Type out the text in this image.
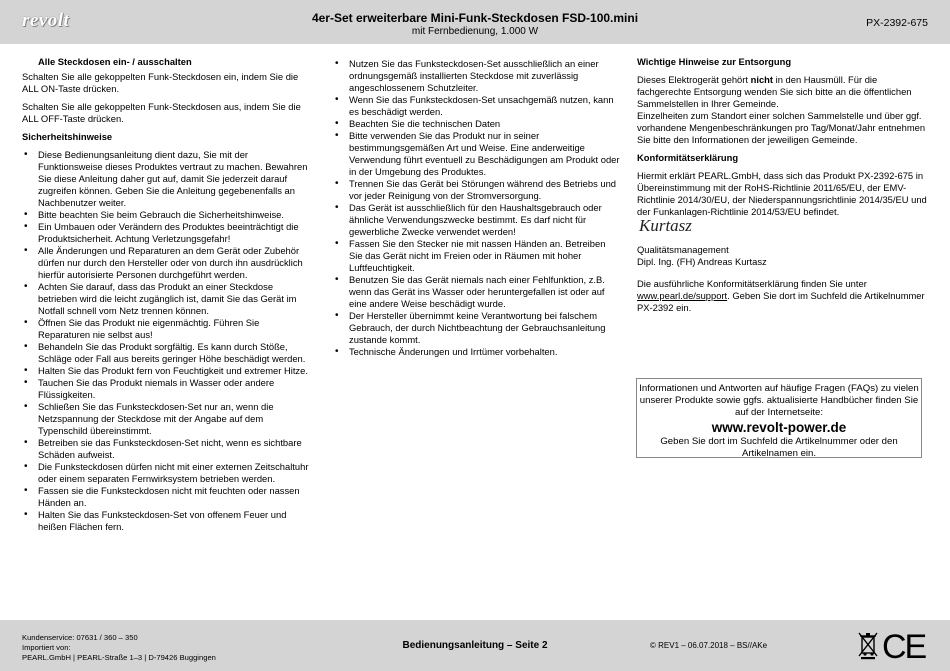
revolt	4er-Set erweiterbare Mini-Funk-Steckdosen FSD-100.mini
mit Fernbedienung, 1.000 W
PX-2392-675
Alle Steckdosen ein- / ausschalten
Schalten Sie alle gekoppelten Funk-Steckdosen ein, indem Sie die ALL ON-Taste drücken.
Schalten Sie alle gekoppelten Funk-Steckdosen aus, indem Sie die ALL OFF-Taste drücken.
Sicherheitshinweise
• Diese Bedienungsanleitung dient dazu, Sie mit der Funktionsweise dieses Produktes vertraut zu machen. Bewahren Sie diese Anleitung daher gut auf, damit Sie jederzeit darauf zugreifen können. Geben Sie die Anleitung gegebenenfalls an Nachbenutzer weiter.
• Bitte beachten Sie beim Gebrauch die Sicherheitshinweise.
• Ein Umbauen oder Verändern des Produktes beeinträchtigt die Produktsicherheit. Achtung Verletzungsgefahr!
• Alle Änderungen und Reparaturen an dem Gerät oder Zubehör dürfen nur durch den Hersteller oder von durch ihn ausdrücklich hierfür autorisierte Personen durchgeführt werden.
• Achten Sie darauf, dass das Produkt an einer Steckdose betrieben wird die leicht zugänglich ist, damit Sie das Gerät im Notfall schnell vom Netz trennen können.
• Öffnen Sie das Produkt nie eigenmächtig. Führen Sie Reparaturen nie selbst aus!
• Behandeln Sie das Produkt sorgfältig. Es kann durch Stöße, Schläge oder Fall aus bereits geringer Höhe beschädigt werden.
• Halten Sie das Produkt fern von Feuchtigkeit und extremer Hitze.
• Tauchen Sie das Produkt niemals in Wasser oder andere Flüssigkeiten.
• Schließen Sie das Funksteckdosen-Set nur an, wenn die Netzspannung der Steckdose mit der Angabe auf dem Typenschild übereinstimmt.
• Betreiben sie das Funksteckdosen-Set nicht, wenn es sichtbare Schäden aufweist.
• Die Funksteckdosen dürfen nicht mit einer externen Zeitschaltuhr oder einem separaten Fernwirksystem betrieben werden.
• Fassen sie die Funksteckdosen nicht mit feuchten oder nassen Händen an.
• Halten Sie das Funksteckdosen-Set von offenem Feuer und heißen Flächen fern.
• Nutzen Sie das Funksteckdosen-Set ausschließlich an einer ordnungsgemäß installierten Steckdose mit zuverlässig angeschlossenem Schutzleiter.
• Wenn Sie das Funksteckdosen-Set unsachgemäß nutzen, kann es beschädigt werden.
• Beachten Sie die technischen Daten
• Bitte verwenden Sie das Produkt nur in seiner bestimmungsgemäßen Art und Weise. Eine anderweitige Verwendung führt eventuell zu Beschädigungen am Produkt oder in der Umgebung des Produktes.
• Trennen Sie das Gerät bei Störungen während des Betriebs und vor jeder Reinigung von der Stromversorgung.
• Das Gerät ist ausschließlich für den Haushaltsgebrauch oder ähnliche Verwendungszwecke bestimmt. Es darf nicht für gewerbliche Zwecke verwendet werden!
• Fassen Sie den Stecker nie mit nassen Händen an. Betreiben Sie das Gerät nicht im Freien oder in Räumen mit hoher Luftfeuchtigkeit.
• Benutzen Sie das Gerät niemals nach einer Fehlfunktion, z.B. wenn das Gerät ins Wasser oder heruntergefallen ist oder auf eine andere Weise beschädigt wurde.
• Der Hersteller übernimmt keine Verantwortung bei falschem Gebrauch, der durch Nichtbeachtung der Gebrauchsanleitung zustande kommt.
• Technische Änderungen und Irrtümer vorbehalten.
Wichtige Hinweise zur Entsorgung
Dieses Elektrogerät gehört nicht in den Hausmüll. Für die fachgerechte Entsorgung wenden Sie sich bitte an die öffentlichen Sammelstellen in Ihrer Gemeinde.
Einzelheiten zum Standort einer solchen Sammelstelle und über ggf. vorhandene Mengenbeschränkungen pro Tag/Monat/Jahr entnehmen Sie bitte den Informationen der jeweiligen Gemeinde.
Konformitätserklärung
Hiermit erklärt PEARL.GmbH, dass sich das Produkt PX-2392-675 in Übereinstimmung mit der RoHS-Richtlinie 2011/65/EU, der EMV-Richtlinie 2014/30/EU, der Niederspannungsrichtlinie 2014/35/EU und der Funkanlagen-Richtlinie 2014/53/EU befindet.
Kurtasz
Qualitätsmanagement
Dipl. Ing. (FH) Andreas Kurtasz
Die ausführliche Konformitätserklärung finden Sie unter www.pearl.de/support. Geben Sie dort im Suchfeld die Artikelnummer PX-2392 ein.
Informationen und Antworten auf häufige Fragen (FAQs) zu vielen unserer Produkte sowie ggfs. aktualisierte Handbücher finden Sie auf der Internetseite:
www.revolt-power.de
Geben Sie dort im Suchfeld die Artikelnummer oder den Artikelnamen ein.
Kundenservice: 07631 / 360 – 350
Importiert von:
PEARL.GmbH | PEARL-Straße 1–3 | D-79426 Buggingen
Bedienungsanleitung – Seite 2	© REV1 – 06.07.2018 – BS//AKe	CE
